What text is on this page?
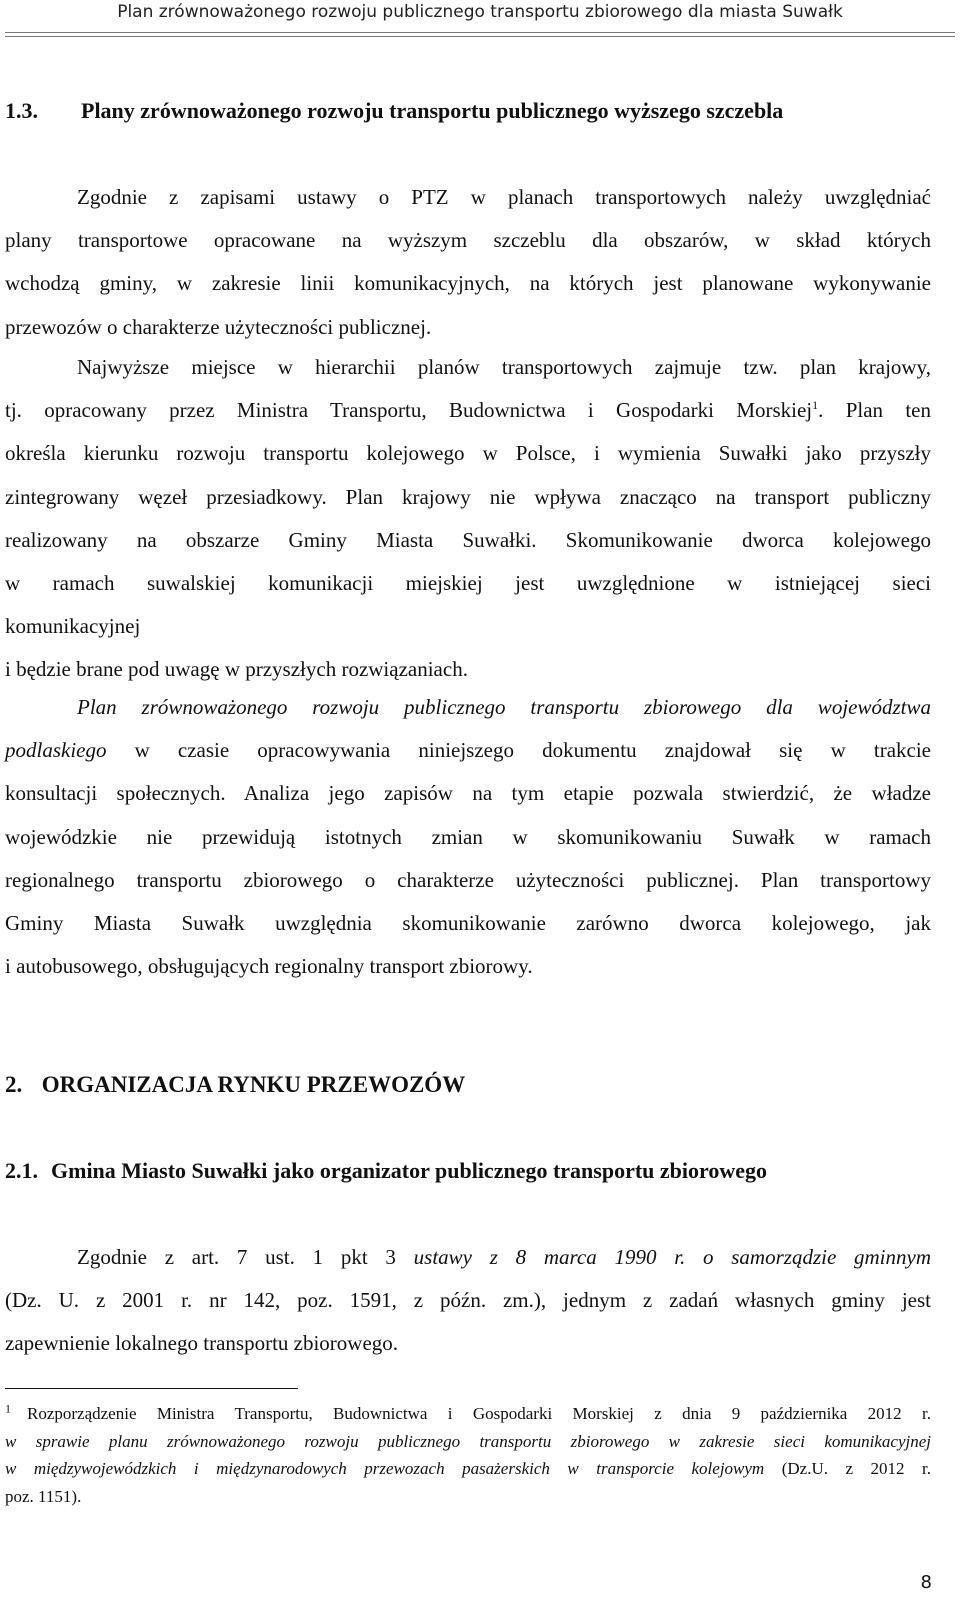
Plan zrównoważonego rozwoju publicznego transportu zbiorowego dla miasta Suwałk
1.3. Plany zrównoważonego rozwoju transportu publicznego wyższego szczebla
Zgodnie z zapisami ustawy o PTZ w planach transportowych należy uwzględniać
plany transportowe opracowane na wyższym szczeblu dla obszarów, w skład których
wchodzą gminy, w zakresie linii komunikacyjnych, na których jest planowane wykonywanie
przewozów o charakterze użyteczności publicznej.
Najwyższe miejsce w hierarchii planów transportowych zajmuje tzw. plan krajowy,
tj. opracowany przez Ministra Transportu, Budownictwa i Gospodarki Morskiej$^1$. Plan ten
określa kierunku rozwoju transportu kolejowego w Polsce, i wymienia Suwałki jako przyszły
zintegrowany węzeł przesiadkowy. Plan krajowy nie wpływa znacząco na transport publiczny
realizowany na obszarze Gminy Miasta Suwałki. Skomunikowanie dworca kolejowego
w ramach suwalskiej komunikacji miejskiej jest uwzględnione w istniejącej sieci
komunikacyjnej
i będzie brane pod uwagę w przyszłych rozwiązaniach.
Plan zrównoważonego rozwoju publicznego transportu zbiorowego dla województwa
podlaskiego w czasie opracowywania niniejszego dokumentu znajdował się w trakcie
konsultacji społecznych. Analiza jego zapisów na tym etapie pozwala stwierdzić, że władze
wojewódzkie nie przewidują istotnych zmian w skomunikowaniu Suwałk w ramach
regionalnego transportu zbiorowego o charakterze użyteczności publicznej. Plan transportowy
Gminy Miasta Suwałk uwzględnia skomunikowanie zarówno dworca kolejowego, jak
i autobusowego, obsługujących regionalny transport zbiorowy.
2. ORGANIZACJA RYNKU PRZEWOZÓW
2.1. Gmina Miasto Suwałki jako organizator publicznego transportu zbiorowego
Zgodnie z art. 7 ust. 1 pkt 3 ustawy z 8 marca 1990 r. o samorządzie gminnym
(Dz. U. z 2001 r. nr 142, poz. 1591, z późn. zm.), jednym z zadań własnych gminy jest
zapewnienie lokalnego transportu zbiorowego.
$^1$ Rozporządzenie Ministra Transportu, Budownictwa i Gospodarki Morskiej z dnia 9 października 2012 r.
w sprawie planu zrównoważonego rozwoju publicznego transportu zbiorowego w zakresie sieci komunikacyjnej
w międzywojewódzkich i międzynarodowych przewozach pasażerskich w transporcie kolejowym (Dz.U. z 2012 r.
poz. 1151).
8
